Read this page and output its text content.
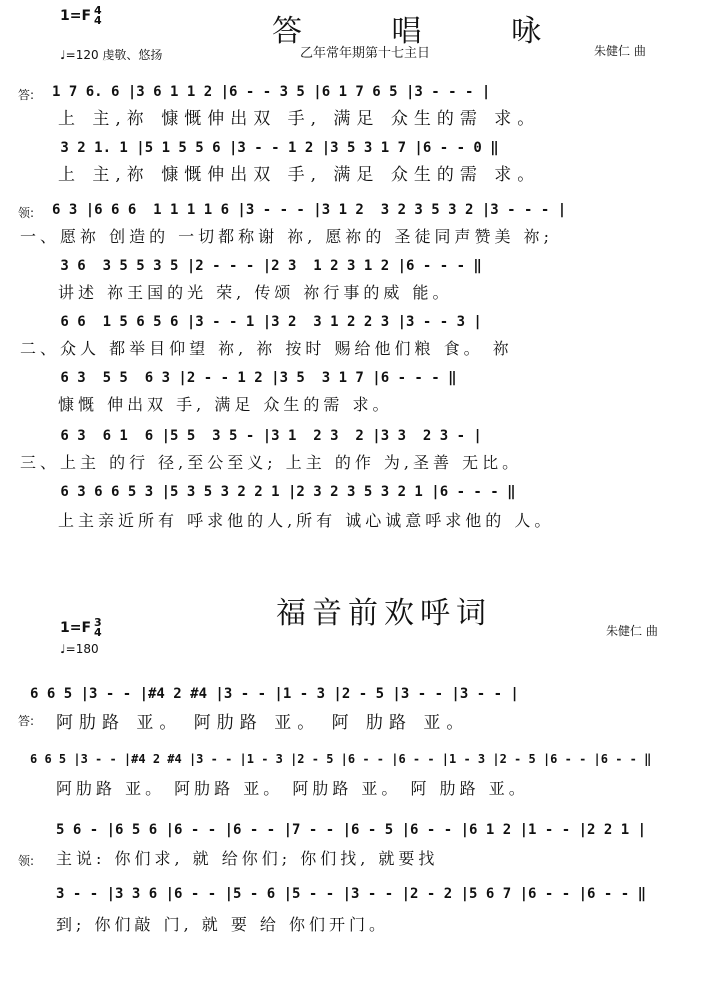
答 唱 咏
1=F 4
4
♩=120 虔敬、悠扬	乙年常年期第十七主日	朱健仁 曲
答: 1 7 6. 6 |3 6 1 1 2 |6 - - 3 5 |6 1 7 6 5 |3 - - - |
上 主,祢 慷慨伸出双 手, 满足 众生的需 求。
3 2 1. 1 |5 1 5 5 6 |3 - - 1 2 |3 5 3 1 7 |6 - - 0 ‖
上 主,祢 慷慨伸出双 手, 满足 众生的需 求。
领: 6 3 |6 6 6  1 1 1 1 6 |3 - - - |3 1 2  3 2 3 5 3 2 |3 - - - |
一、愿祢 创造的 一切都称谢 祢, 愿祢的 圣徒同声赞美 祢;
3 6  3 5 5 3 5 |2 - - - |2 3  1 2 3 1 2 |6 - - - ‖
讲述 祢王国的光 荣, 传颂 祢行事的威 能。
6 6  1 5 6 5 6 |3 - - 1 |3 2  3 1 2 2 3 |3 - - 3 |
二、众人 都举目仰望 祢, 祢 按时 赐给他们粮 食。 祢
6 3  5 5  6 3 |2 - - 1 2 |3 5  3 1 7 |6 - - - ‖
慷慨 伸出双 手, 满足 众生的需 求。
6 3  6 1  6 |5 5  3 5 - |3 1  2 3  2 |3 3  2 3 - |
三、上主 的行 径,至公至义; 上主 的作 为,圣善 无比。
6 3 6 6 5 3 |5 3 5 3 2 2 1 |2 3 2 3 5 3 2 1 |6 - - - ‖
上主亲近所有 呼求他的人,所有 诚心诚意呼求他的 人。
福音前欢呼词
1=F 3
4
♩=180
朱健仁 曲
6 6 5 |3 - - |#4 2 #4 |3 - - |1 - 3 |2 - 5 |3 - - |3 - - |
答: 阿肋路 亚。 阿肋路 亚。 阿 肋路 亚。
6 6 5 |3 - - |#4 2 #4 |3 - - |1 - 3 |2 - 5 |6 - - |6 - - |1 - 3 |2 - 5 |6 - - |6 - - ‖
阿肋路 亚。 阿肋路 亚。 阿肋路 亚。 阿 肋路 亚。
5 6 - |6 5 6 |6 - - |6 - - |7 - - |6 - 5 |6 - - |6 1 2 |1 - - |2 2 1 |
领: 主说: 你们求, 就 给你们; 你们找, 就要找
3 - - |3 3 6 |6 - - |5 - 6 |5 - - |3 - - |2 - 2 |5 6 7 |6 - - |6 - - ‖
到; 你们敲 门, 就 要 给 你们开门。
